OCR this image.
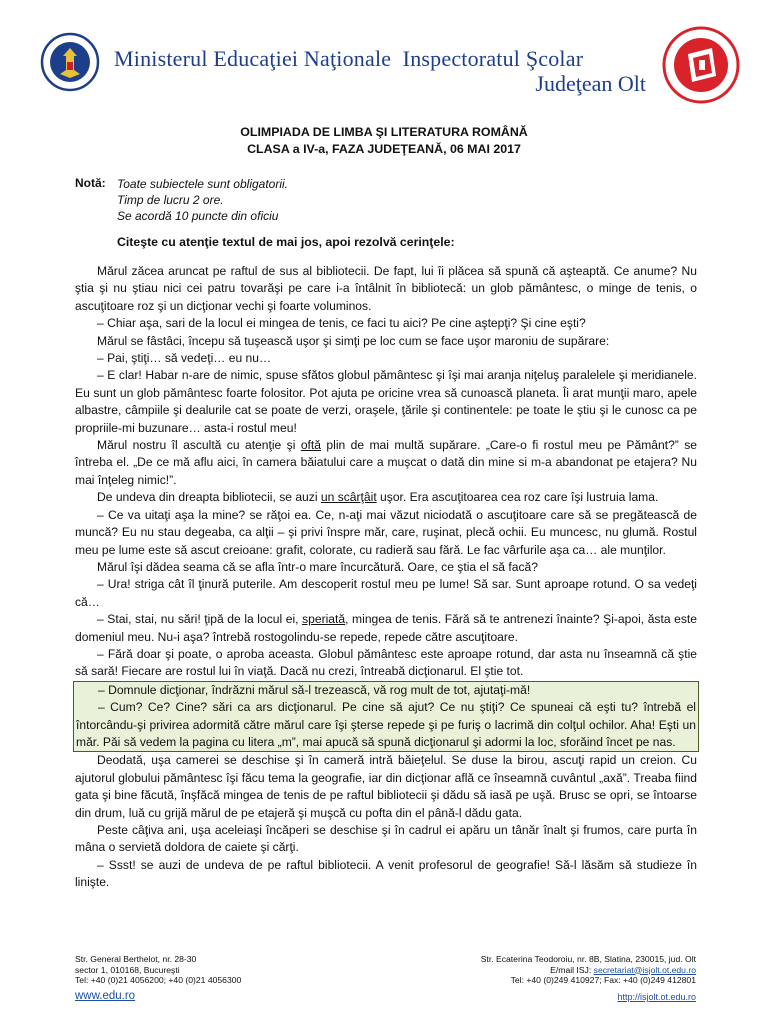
Ministerul Educaţiei Naţionale Inspectoratul Şcolar
Judeţean Olt
OLIMPIADA DE LIMBA ŞI LITERATURA ROMÂNĂ
CLASA a IV-a, FAZA JUDEŢEANĂ, 06 MAI 2017
Notă: Toate subiectele sunt obligatorii.
Timp de lucru 2 ore.
Se acordă 10 puncte din oficiu
Citeşte cu atenţie textul de mai jos, apoi rezolvă cerinţele:

Mărul zăcea aruncat pe raftul de sus al bibliotecii. De fapt, lui îi plăcea să spună că aşteaptă. Ce anume? Nu ştia şi nu ştiau nici cei patru tovarăşi pe care i-a întâlnit în bibliotecă: un glob pământesc, o minge de tenis, o ascuţitoare roz şi un dicţionar vechi şi foarte voluminos.

– Chiar aşa, sari de la locul ei mingea de tenis, ce faci tu aici? Pe cine aştepţi? Şi cine eşti?

Mărul se fâstâci, începu să tuşească uşor şi simţi pe loc cum se face uşor maroniu de supărare:

– Pai, ştiţi… să vedeţi… eu nu…

– E clar! Habar n-are de nimic, spuse sfătos globul pământesc şi îşi mai aranja niţeluş paralelele şi meridianele. Eu sunt un glob pământesc foarte folositor. Pot ajuta pe oricine vrea să cunoască planeta. Îi arat munţii maro, apele albastre, câmpiile şi dealurile cat se poate de verzi, oraşele, ţările şi continentele: pe toate le ştiu şi le cunosc ca pe propriile-mi buzunare… asta-i rostul meu!

Mărul nostru îl ascultă cu atenţie şi oftă plin de mai multă supărare. „Care-o fi rostul meu pe Pământ?” se întreba el. „De ce mă aflu aici, în camera băiatului care a muşcat o dată din mine si m-a abandonat pe etajera? Nu mai înţeleg nimic!”.

De undeva din dreapta bibliotecii, se auzi un scârţâit uşor. Era ascuţitoarea cea roz care îşi lustruia lama.

– Ce va uitaţi aşa la mine? se răţoi ea. Ce, n-aţi mai văzut niciodată o ascuţitoare care să se pregătească de muncă? Eu nu stau degeaba, ca alţii – şi privi înspre măr, care, ruşinat, plecă ochii. Eu muncesc, nu glumă. Rostul meu pe lume este să ascut creioane: grafit, colorate, cu radieră sau fără. Le fac vârfurile aşa ca… ale munţilor.

Mărul îşi dădea seama că se afla într-o mare încurcătură. Oare, ce ştia el să facă?

– Ura! striga cât îl ţinură puterile. Am descoperit rostul meu pe lume! Să sar. Sunt aproape rotund. O sa vedeţi că…

– Stai, stai, nu sări! ţipă de la locul ei, speriată, mingea de tenis. Fără să te antrenezi înainte? Şi-apoi, ăsta este domeniul meu. Nu-i aşa? întrebă rostogolindu-se repede, repede către ascuţitoare.

– Fără doar şi poate, o aproba aceasta. Globul pământesc este aproape rotund, dar asta nu înseamnă că ştie să sară! Fiecare are rostul lui în viaţă. Dacă nu crezi, întreabă dicţionarul. El ştie tot.

– Domnule dicţionar, îndrăzni mărul să-l trezească, vă rog mult de tot, ajutaţi-mă!

– Cum? Ce? Cine? sări ca ars dicţionarul. Pe cine să ajut? Ce nu ştiţi? Ce spuneai că eşti tu? întrebă el întorcându-şi privirea adormită către mărul care îşi şterse repede şi pe furiş o lacrimă din colţul ochilor. Aha! Eşti un măr. Păi să vedem la pagina cu litera „m”, mai apucă să spună dicţionarul şi adormi la loc, sforăind încet pe nas.

Deodată, uşa camerei se deschise şi în cameră intră băieţelul. Se duse la birou, ascuţi rapid un creion. Cu ajutorul globului pământesc îşi făcu tema la geografie, iar din dicţionar află ce înseamnă cuvântul „axă”. Treaba fiind gata şi bine făcută, înşfăcă mingea de tenis de pe raftul bibliotecii şi dădu să iasă pe uşă. Brusc se opri, se întoarse din drum, luă cu grijă mărul de pe etajeră şi muşcă cu pofta din el până-l dădu gata.

Peste câţiva ani, uşa aceleiaşi încăperi se deschise şi în cadrul ei apăru un tânăr înalt şi frumos, care purta în mâna o servietă doldora de caiete şi cărţi.

– Ssst! se auzi de undeva de pe raftul bibliotecii. A venit profesorul de geografie! Să-l lăsăm să studieze în linişte.

Str. General Berthelot, nr. 28-30
sector 1, 010168, Bucureşti
Tel: +40 (0)21 4056200; +40 (0)21 4056300
www.edu.ro
Str. Ecaterina Teodoroiu, nr. 8B, Slatina, 230015, jud. Olt
E/mail ISJ: secretariat@isjolt.ot.edu.ro
Tel: +40 (0)249 410927; Fax: +40 (0)249 412801
http://isjolt.ot.edu.ro
